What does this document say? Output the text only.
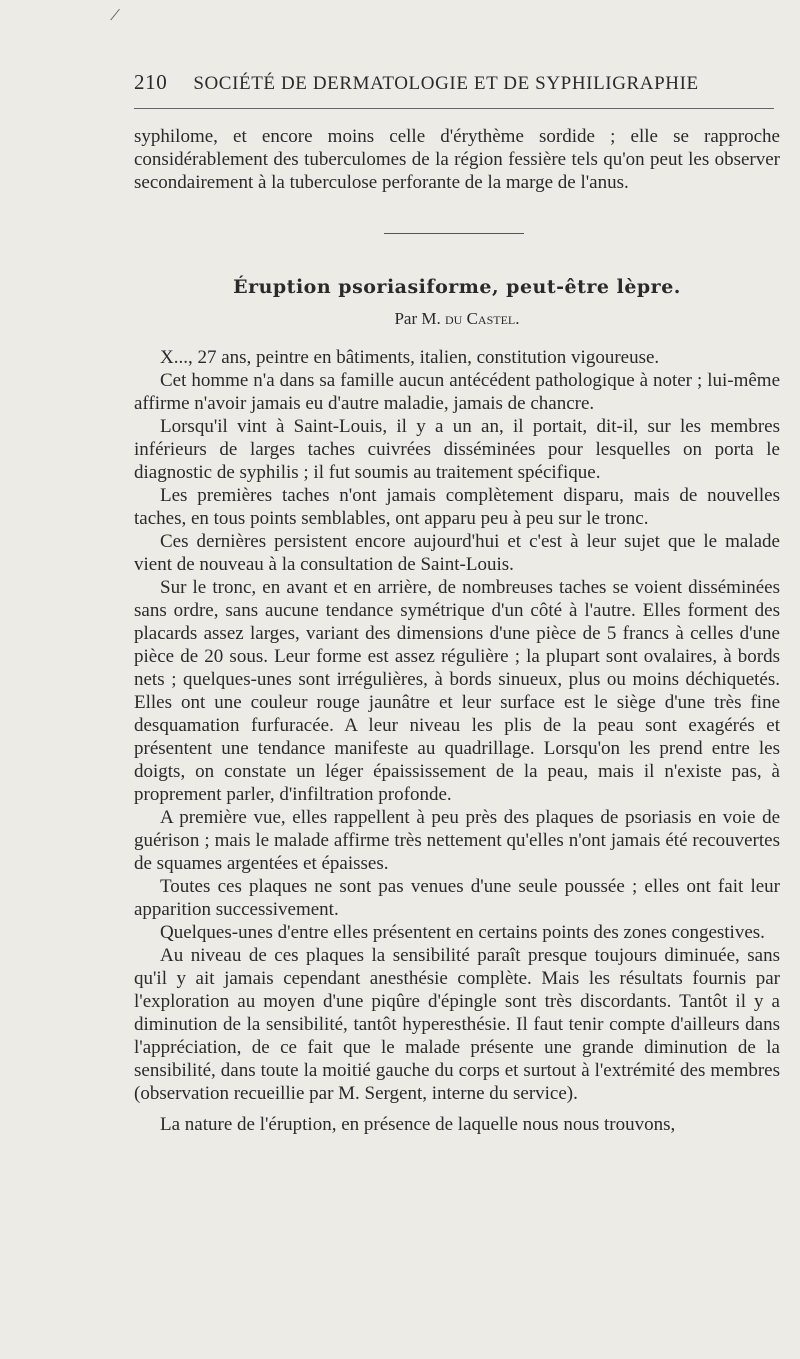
/
210 SOCIÉTÉ DE DERMATOLOGIE ET DE SYPHILIGRAPHIE

syphilome, et encore moins celle d'érythème sordide ; elle se rapproche considérablement des tuberculomes de la région fessière tels qu'on peut les observer secondairement à la tuberculose perforante de la marge de l'anus.

Éruption psoriasiforme, peut-être lèpre.
Par M. du Castel.

X..., 27 ans, peintre en bâtiments, italien, constitution vigoureuse.

Cet homme n'a dans sa famille aucun antécédent pathologique à noter ; lui-même affirme n'avoir jamais eu d'autre maladie, jamais de chancre.

Lorsqu'il vint à Saint-Louis, il y a un an, il portait, dit-il, sur les membres inférieurs de larges taches cuivrées disséminées pour lesquelles on porta le diagnostic de syphilis ; il fut soumis au traitement spécifique.

Les premières taches n'ont jamais complètement disparu, mais de nouvelles taches, en tous points semblables, ont apparu peu à peu sur le tronc.

Ces dernières persistent encore aujourd'hui et c'est à leur sujet que le malade vient de nouveau à la consultation de Saint-Louis.

Sur le tronc, en avant et en arrière, de nombreuses taches se voient disséminées sans ordre, sans aucune tendance symétrique d'un côté à l'autre. Elles forment des placards assez larges, variant des dimensions d'une pièce de 5 francs à celles d'une pièce de 20 sous. Leur forme est assez régulière ; la plupart sont ovalaires, à bords nets ; quelques-unes sont irrégulières, à bords sinueux, plus ou moins déchiquetés. Elles ont une couleur rouge jaunâtre et leur surface est le siège d'une très fine desquamation furfuracée. A leur niveau les plis de la peau sont exagérés et présentent une tendance manifeste au quadrillage. Lorsqu'on les prend entre les doigts, on constate un léger épaississement de la peau, mais il n'existe pas, à proprement parler, d'infiltration profonde.

A première vue, elles rappellent à peu près des plaques de psoriasis en voie de guérison ; mais le malade affirme très nettement qu'elles n'ont jamais été recouvertes de squames argentées et épaisses.

Toutes ces plaques ne sont pas venues d'une seule poussée ; elles ont fait leur apparition successivement.

Quelques-unes d'entre elles présentent en certains points des zones congestives.

Au niveau de ces plaques la sensibilité paraît presque toujours diminuée, sans qu'il y ait jamais cependant anesthésie complète. Mais les résultats fournis par l'exploration au moyen d'une piqûre d'épingle sont très discordants. Tantôt il y a diminution de la sensibilité, tantôt hyperesthésie. Il faut tenir compte d'ailleurs dans l'appréciation, de ce fait que le malade présente une grande diminution de la sensibilité, dans toute la moitié gauche du corps et surtout à l'extrémité des membres (observation recueillie par M. Sergent, interne du service).

La nature de l'éruption, en présence de laquelle nous nous trouvons,
